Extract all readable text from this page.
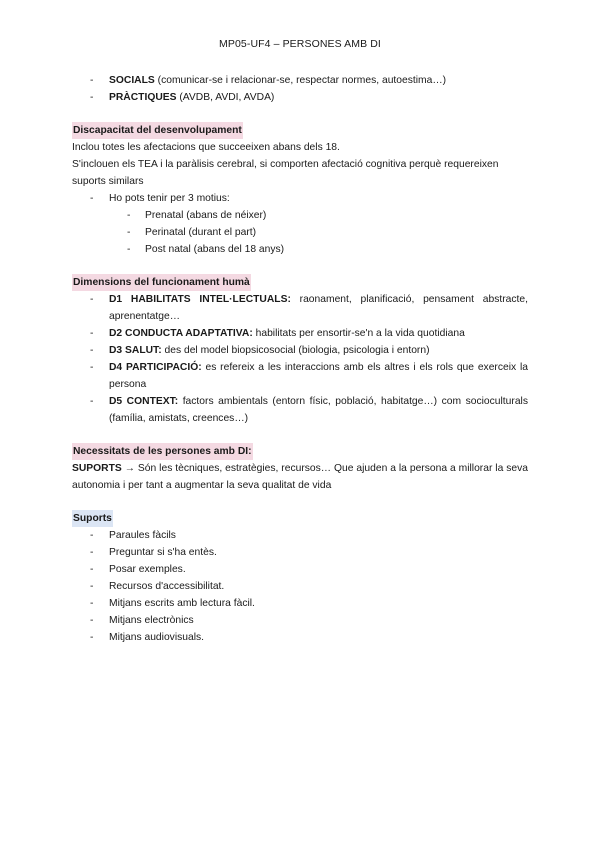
MP05-UF4 – PERSONES AMB DI
- SOCIALS (comunicar-se i relacionar-se, respectar normes, autoestima…)
- PRÀCTIQUES (AVDB, AVDI, AVDA)
Discapacitat del desenvolupament

Inclou totes les afectacions que succeeixen abans dels 18.

S'inclouen els TEA i la paràlisis cerebral, si comporten afectació cognitiva perquè requereixen suports similars

- Ho pots tenir per 3 motius:
- Prenatal (abans de néixer)
- Perinatal (durant el part)
- Post natal (abans del 18 anys)
Dimensions del funcionament humà
- D1 HABILITATS INTEL·LECTUALS: raonament, planificació, pensament abstracte, aprenentatge…
- D2 CONDUCTA ADAPTATIVA: habilitats per ensortir-se'n a la vida quotidiana
- D3 SALUT: des del model biopsicosocial (biologia, psicologia i entorn)
- D4 PARTICIPACIÓ: es refereix a les interaccions amb els altres i els rols que exerceix la persona
- D5 CONTEXT: factors ambientals (entorn físic, població, habitatge…) com socioculturals (família, amistats, creences…)
Necessitats de les persones amb DI:

SUPORTS → Són les tècniques, estratègies, recursos… Que ajuden a la persona a millorar la seva autonomia i per tant a augmentar la seva qualitat de vida

Suports
- Paraules fàcils
- Preguntar si s'ha entès.
- Posar exemples.
- Recursos d'accessibilitat.
- Mitjans escrits amb lectura fàcil.
- Mitjans electrònics
- Mitjans audiovisuals.
